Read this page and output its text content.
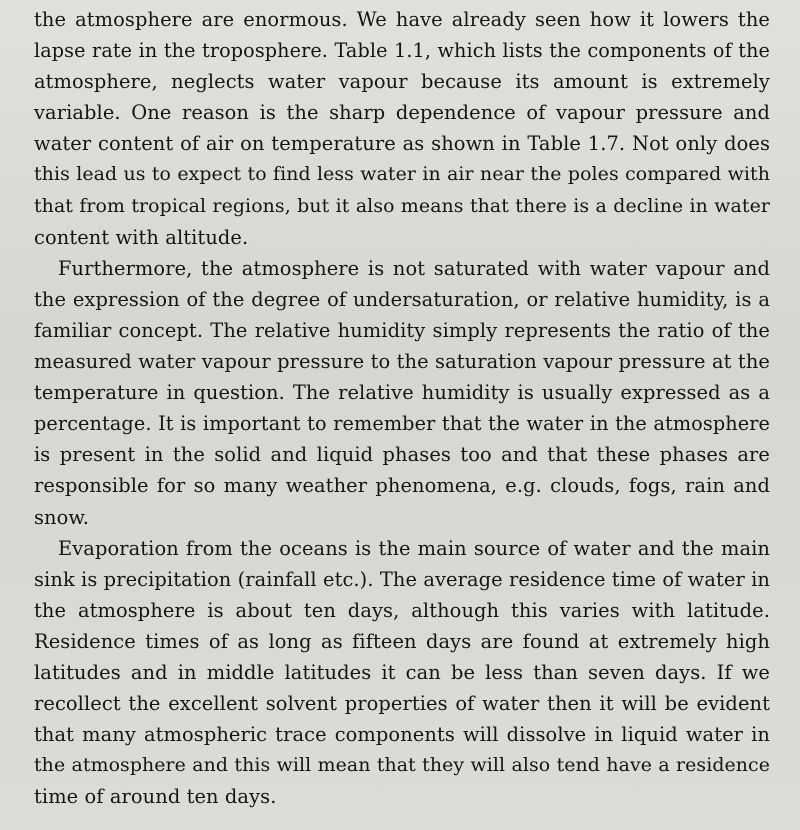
the atmosphere are enormous. We have already seen how it lowers the
lapse rate in the troposphere. Table 1.1, which lists the components of the
atmosphere, neglects water vapour because its amount is extremely
variable. One reason is the sharp dependence of vapour pressure and
water content of air on temperature as shown in Table 1.7. Not only does
this lead us to expect to find less water in air near the poles compared with
that from tropical regions, but it also means that there is a decline in water
content with altitude.

Furthermore, the atmosphere is not saturated with water vapour and
the expression of the degree of undersaturation, or relative humidity, is a
familiar concept. The relative humidity simply represents the ratio of the
measured water vapour pressure to the saturation vapour pressure at the
temperature in question. The relative humidity is usually expressed as a
percentage. It is important to remember that the water in the atmosphere
is present in the solid and liquid phases too and that these phases are
responsible for so many weather phenomena, e.g. clouds, fogs, rain and
snow.

Evaporation from the oceans is the main source of water and the main
sink is precipitation (rainfall etc.). The average residence time of water in
the atmosphere is about ten days, although this varies with latitude.
Residence times of as long as fifteen days are found at extremely high
latitudes and in middle latitudes it can be less than seven days. If we
recollect the excellent solvent properties of water then it will be evident
that many atmospheric trace components will dissolve in liquid water in
the atmosphere and this will mean that they will also tend have a residence
time of around ten days.
